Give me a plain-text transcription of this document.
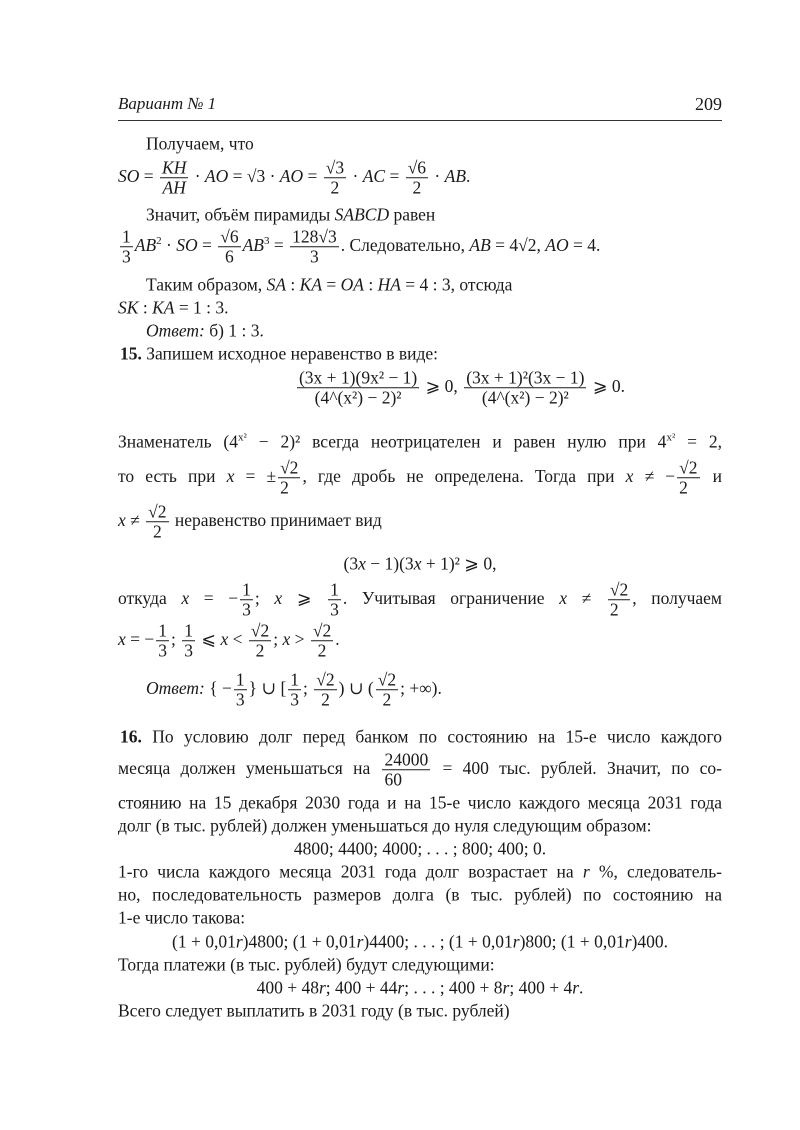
Вариант № 1	209
Получаем, что
SO = $\frac{KH}{AH}$ · AO = √3 · AO = $\frac{√3}{2}$ · AC = $\frac{√6}{2}$ · AB.
Значит, объём пирамиды SABCD равен
$\frac{1}{3} AB^2$ · SO = $\frac{√6}{6} AB^3 = \frac{128√3}{3}$ . Следовательно, AB = 4√2, AO = 4.
Таким образом, SA : KA = OA : HA = 4 : 3, отсюда
SK : KA = 1 : 3.
Ответ: б) 1 : 3.
15. Запишем исходное неравенство в виде:
$\frac{\text{(3x + 1)(9x² − 1)}}{\text{(4\textasciicircum{}(x²) − 2)²}}$ ⩾ 0, $\frac{\text{(3x + 1)²(3x − 1)}}{\text{(4\textasciicircum{}(x²) − 2)²}}$ ⩾ 0.
Знаменатель $(4^{x^2} - 2)^2$ всегда неотрицателен и равен нулю при $4^{x^2} = 2$,
то есть при x = ± $\frac{√2}{2}$ , где дробь не определена. Тогда при x ≠ − $\frac{√2}{2}$ и
$x \ne \frac{√2}{2}$ неравенство принимает вид
(3x − 1)(3x + 1)² ⩾ 0,
откуда x = − $\frac{1}{3}$ ; x ⩾ $\frac{1}{3}$ . Учитывая ограничение $x \ne \frac{√2}{2}$ , получаем
x = − $\frac{1}{3}$ ; $\frac{1}{3}$ ⩽ $x < \frac{√2}{2}$ ; $x > \frac{√2}{2}$ .
Ответ: { − $\frac{1}{3}$ } ∪ [ $\frac{1}{3}$ ; $\frac{√2}{2}$ ) ∪ ( $\frac{√2}{2}$ ; +∞).
16. По условию долг перед банком по состоянию на 15-е число каждого
месяца должен уменьшаться на $\frac{24000}{60} = 400$ тыс. рублей. Значит, по со-
стоянию на 15 декабря 2030 года и на 15-е число каждого месяца 2031 года
долг (в тыс. рублей) должен уменьшаться до нуля следующим образом:
4800; 4400; 4000; . . . ; 800; 400; 0.
1-го числа каждого месяца 2031 года долг возрастает на r %, следователь-
но, последовательность размеров долга (в тыс. рублей) по состоянию на
1-е число такова:
(1 + 0,01r)4800; (1 + 0,01r)4400; . . . ; (1 + 0,01r)800; (1 + 0,01r)400.
Тогда платежи (в тыс. рублей) будут следующими:
400 + 48r; 400 + 44r; . . . ; 400 + 8r; 400 + 4r.
Всего следует выплатить в 2031 году (в тыс. рублей)
